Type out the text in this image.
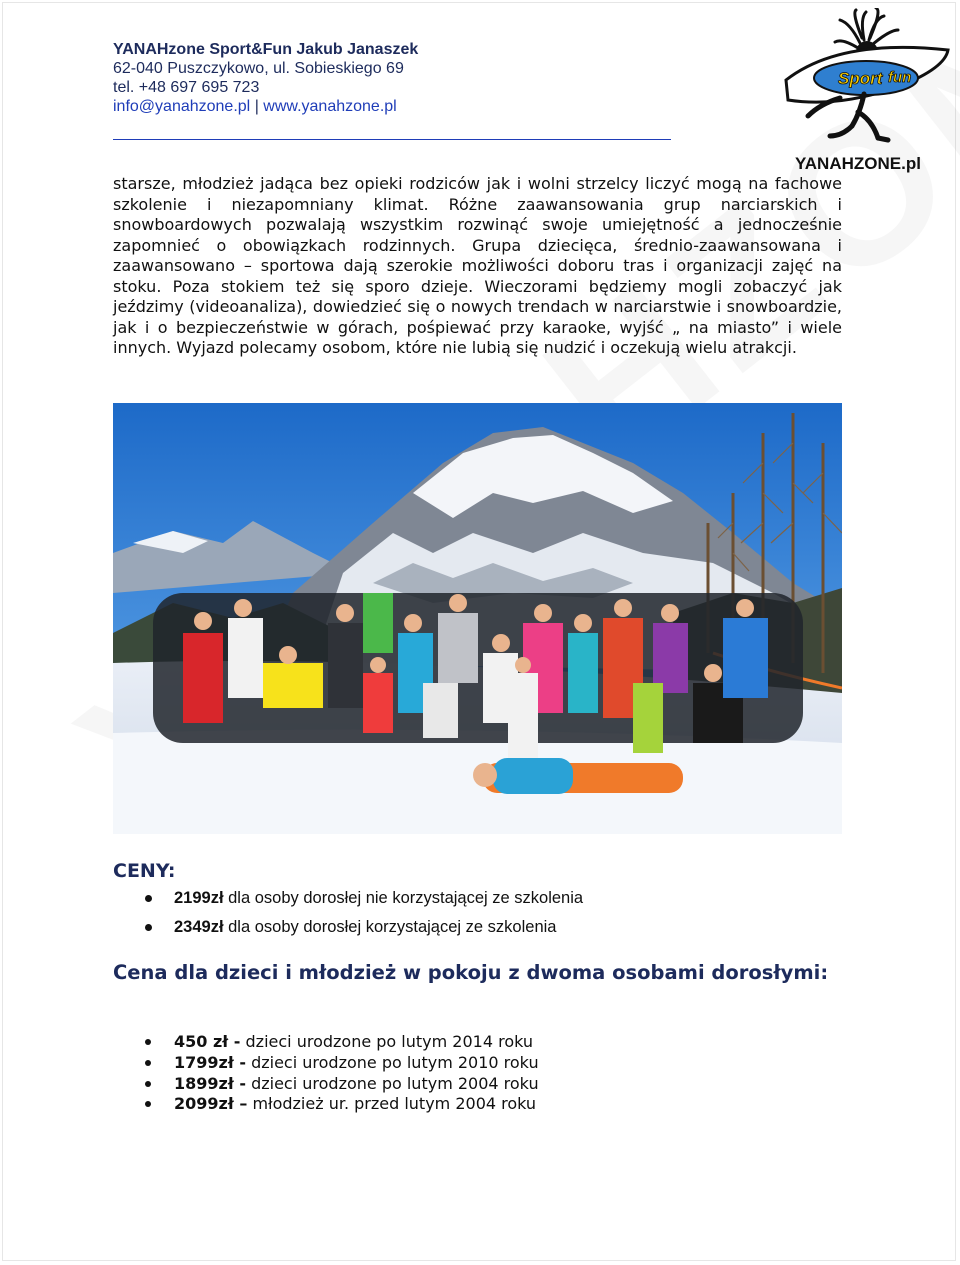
YANAHzone Sport&Fun Jakub Janaszek
62-040 Puszczykowo, ul. Sobieskiego 69
tel. +48 697 695 723
info@yanahzone.pl | www.yanahzone.pl
Sport fun
YANAHZONE.pl

starsze, młodzież jadąca bez opieki rodziców jak i wolni strzelcy liczyć mogą na fachowe szkolenie i niezapomniany klimat. Różne zaawansowania grup narciarskich i snowboardowych pozwalają wszystkim rozwinąć swoje umiejętność a jednocześnie zapomnieć o obowiązkach rodzinnych. Grupa dziecięca, średnio-zaawansowana i zaawansowano – sportowa dają szerokie możliwości doboru tras i organizacji zajęć na stoku. Poza stokiem też się sporo dzieje. Wieczorami będziemy mogli zobaczyć jak jeździmy (videoanaliza), dowiedzieć się o nowych trendach w narciarstwie i snowboardzie, jak i o bezpieczeństwie w górach, pośpiewać przy karaoke, wyjść „ na miasto” i wiele innych. Wyjazd polecamy osobom, które nie lubią się nudzić i oczekują wielu atrakcji.

CENY:
2199zł dla osoby dorosłej nie korzystającej ze szkolenia
2349zł dla osoby dorosłej korzystającej ze szkolenia
Cena dla dzieci i młodzież w pokoju z dwoma osobami dorosłymi:
450 zł - dzieci urodzone po lutym 2014 roku
1799zł - dzieci urodzone po lutym 2010 roku
1899zł - dzieci urodzone po lutym 2004 roku
2099zł – młodzież ur. przed lutym 2004 roku
